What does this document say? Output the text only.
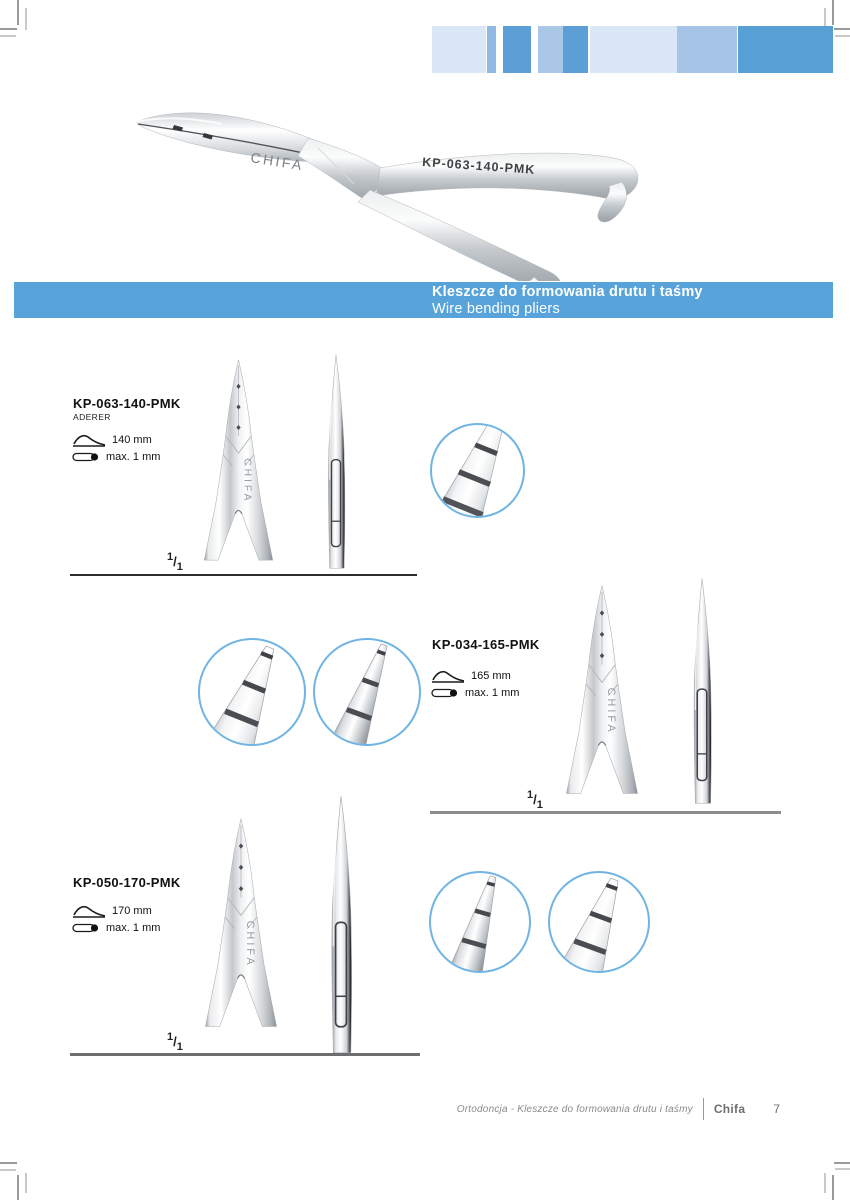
CHIFA	KP-063-140-PMK
Kleszcze do formowania drutu i taśmy
Wire bending pliers
KP-063-140-PMK
ADERER
140 mm
max. 1 mm
$^1/_1$
KP-034-165-PMK
165 mm
max. 1 mm
$^1/_1$
KP-050-170-PMK
170 mm
max. 1 mm
$^1/_1$
Ortodoncja - Kleszcze do formowania drutu i taśmy Chifa 7
